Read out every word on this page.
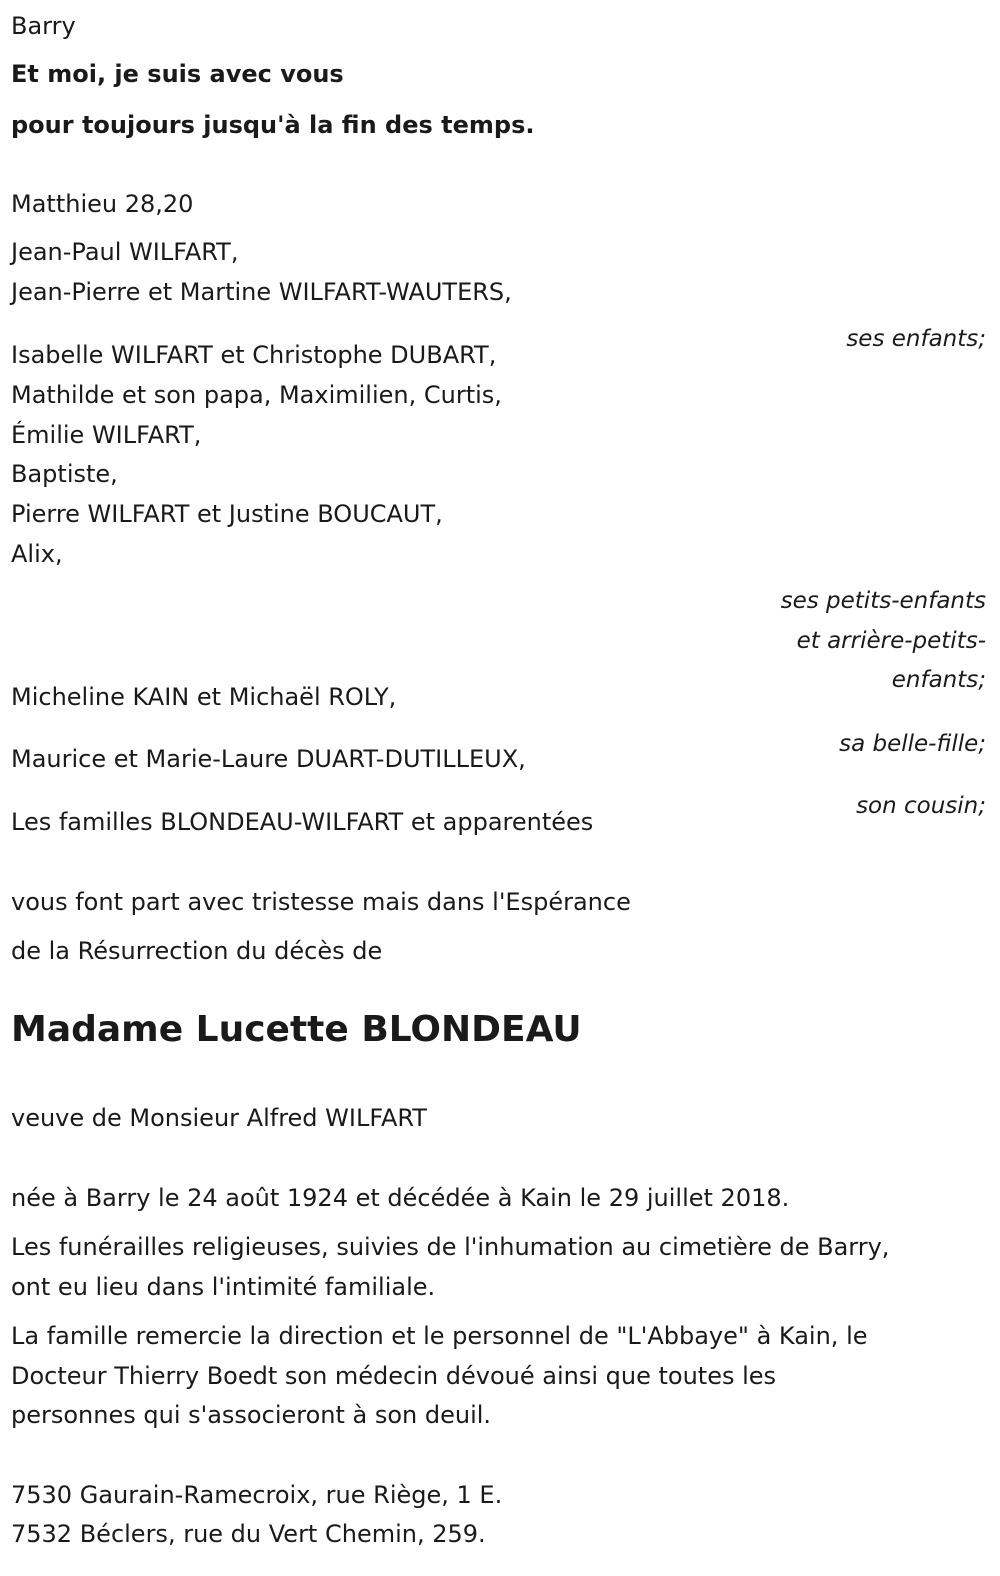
Barry

Et moi, je suis avec vous

pour toujours jusqu'à la fin des temps.

Matthieu 28,20

Jean-Paul WILFART,

Jean-Pierre et Martine WILFART-WAUTERS,

ses enfants;

Isabelle WILFART et Christophe DUBART,

Mathilde et son papa, Maximilien, Curtis,

Émilie WILFART,

Baptiste,

Pierre WILFART et Justine BOUCAUT,

Alix,

ses petits-enfants

et arrière-petits-

enfants;

Micheline KAIN et Michaël ROLY,

sa belle-fille;

Maurice et Marie-Laure DUART-DUTILLEUX,

son cousin;

Les familles BLONDEAU-WILFART et apparentées

vous font part avec tristesse mais dans l'Espérance

de la Résurrection du décès de

Madame Lucette BLONDEAU

veuve de Monsieur Alfred WILFART

née à Barry le 24 août 1924 et décédée à Kain le 29 juillet 2018.

Les funérailles religieuses, suivies de l'inhumation au cimetière de Barry,

ont eu lieu dans l'intimité familiale.

La famille remercie la direction et le personnel de "L'Abbaye" à Kain, le

Docteur Thierry Boedt son médecin dévoué ainsi que toutes les

personnes qui s'associeront à son deuil.

7530 Gaurain-Ramecroix, rue Riège, 1 E.

7532 Béclers, rue du Vert Chemin, 259.
